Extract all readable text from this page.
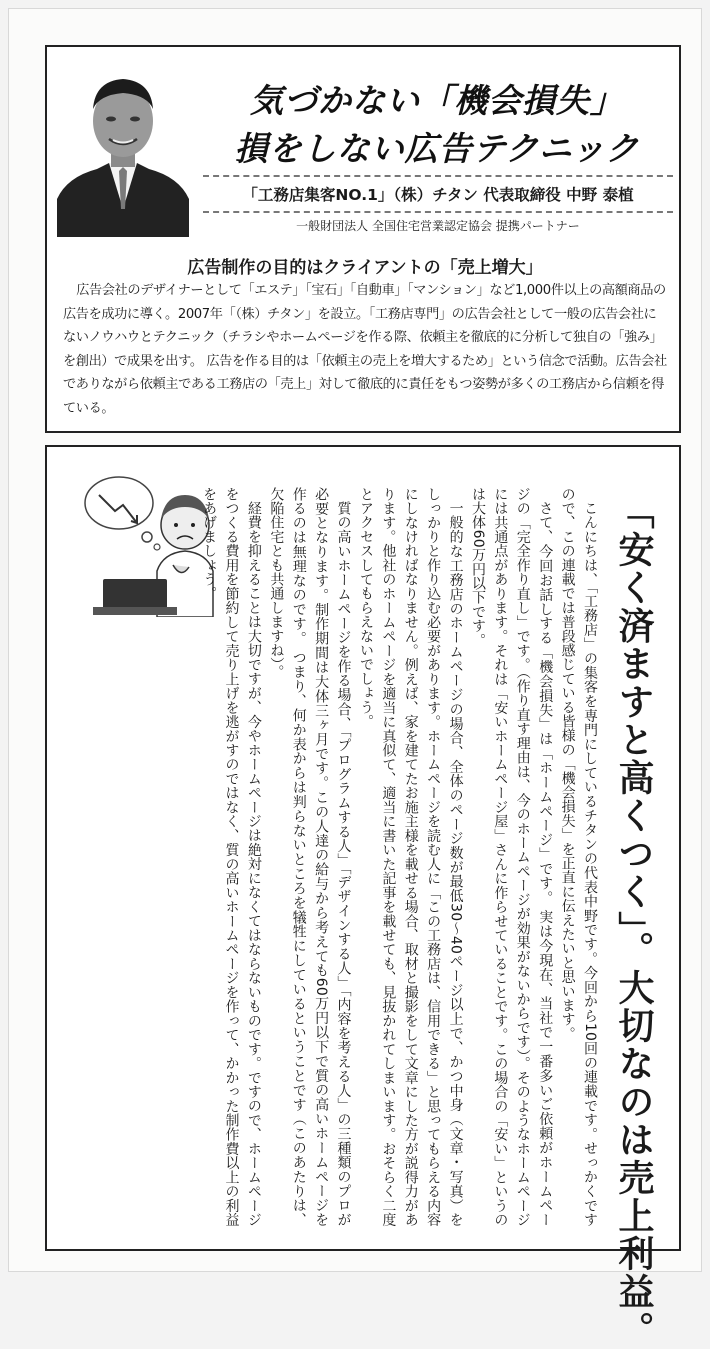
気づかない「機会損失」
損をしない広告テクニック
「工務店集客NO.1」（株）チタン 代表取締役 中野 泰植
一般財団法人 全国住宅営業認定協会 提携パートナー
広告制作の目的はクライアントの「売上増大」

広告会社のデザイナーとして「エステ」「宝石」「自動車」「マンション」など1,000件以上の高額商品の広告を成功に導く。2007年「（株）チタン」を設立。「工務店専門」の広告会社として一般の広告会社にないノウハウとテクニック（チラシやホームページを作る際、依頼主を徹底的に分析して独自の「強み」を創出）で成果を出す。 広告を作る目的は「依頼主の売上を増大するため」という信念で活動。広告会社でありながら依頼主である工務店の「売上」対して徹底的に責任をもつ姿勢が多くの工務店から信頼を得ている。

「安く済ますと高くつく」。大切なのは売上利益。

こんにちは、「工務店」の集客を専門にしているチタンの代表中野です。今回から10回の連載です。せっかくですので、この連載では普段感じている皆様の「機会損失」を正直に伝えたいと思います。

さて、今回お話しする「機会損失」は「ホームページ」です。 実は今現在、当社で一番多いご依頼がホームページの「完全作り直し」です。（作り直す理由は、今のホームページが効果がないからです）。そのようなホームページには共通点があります。それは「安いホームページ屋」さんに作らせていることです。この場合の「安い」というのは大体60万円以下です。

一般的な工務店のホームページの場合、全体のページ数が最低30〜40ページ以上で、かつ中身（文章・写真）をしっかりと作り込む必要があります。ホームページを読む人に「この工務店は、信用できる」と思ってもらえる内容にしなければなりません。例えば、家を建てたお施主様を載せる場合、取材と撮影をして文章にした方が説得力があります。他社のホームページを適当に真似て、適当に書いた記事を載せても、見抜かれてしまいます。おそらく二度とアクセスしてもらえないでしょう。

質の高いホームページを作る場合、「プログラムする人」「デザインする人」「内容を考える人」の三種類のプロが必要となります。制作期間は大体三ヶ月です。この人達の給与から考えても60万円以下で質の高いホームページを作るのは無理なのです。 つまり、何か表からは判らないところを犠牲にしているということです（このあたりは、欠陥住宅とも共通しますね）。

経費を抑えることは大切ですが、今やホームページは絶対になくてはならないものです。ですので、ホームページをつくる費用を節約して売り上げを逃がすのではなく、質の高いホームページを作って、かかった制作費以上の利益をあげましょう。
